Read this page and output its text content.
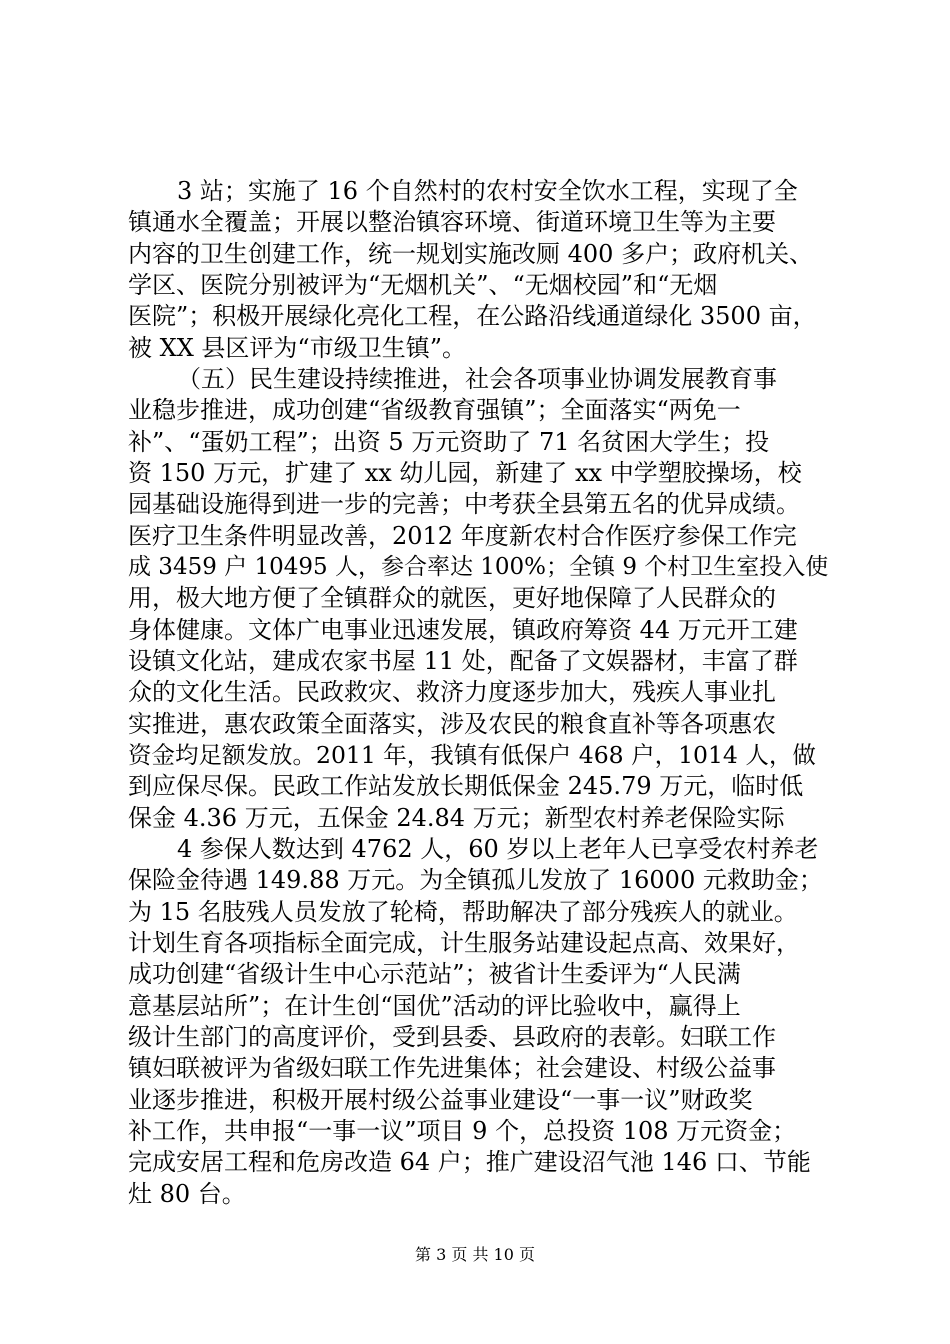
3 站；实施了 16 个自然村的农村安全饮水工程，实现了全
镇通水全覆盖；开展以整治镇容环境、街道环境卫生等为主要
内容的卫生创建工作，统一规划实施改厕 400 多户；政府机关、
学区、医院分别被评为“无烟机关”、“无烟校园”和“无烟
医院”；积极开展绿化亮化工程，在公路沿线通道绿化 3500 亩，
被 XX 县区评为“市级卫生镇”。
（五）民生建设持续推进，社会各项事业协调发展教育事
业稳步推进，成功创建“省级教育强镇”；全面落实“两免一
补”、“蛋奶工程”；出资 5 万元资助了 71 名贫困大学生；投
资 150 万元，扩建了 xx 幼儿园，新建了 xx 中学塑胶操场，校
园基础设施得到进一步的完善；中考获全县第五名的优异成绩。
医疗卫生条件明显改善，2012 年度新农村合作医疗参保工作完
成 3459 户 10495 人，参合率达 100%；全镇 9 个村卫生室投入使
用，极大地方便了全镇群众的就医，更好地保障了人民群众的
身体健康。文体广电事业迅速发展，镇政府筹资 44 万元开工建
设镇文化站，建成农家书屋 11 处，配备了文娱器材，丰富了群
众的文化生活。民政救灾、救济力度逐步加大，残疾人事业扎
实推进，惠农政策全面落实，涉及农民的粮食直补等各项惠农
资金均足额发放。2011 年，我镇有低保户 468 户，1014 人，做
到应保尽保。民政工作站发放长期低保金 245.79 万元，临时低
保金 4.36 万元，五保金 24.84 万元；新型农村养老保险实际
4 参保人数达到 4762 人，60 岁以上老年人已享受农村养老
保险金待遇 149.88 万元。为全镇孤儿发放了 16000 元救助金；
为 15 名肢残人员发放了轮椅，帮助解决了部分残疾人的就业。
计划生育各项指标全面完成，计生服务站建设起点高、效果好，
成功创建“省级计生中心示范站”；被省计生委评为“人民满
意基层站所”；在计生创“国优”活动的评比验收中，赢得上
级计生部门的高度评价，受到县委、县政府的表彰。妇联工作
镇妇联被评为省级妇联工作先进集体；社会建设、村级公益事
业逐步推进，积极开展村级公益事业建设“一事一议”财政奖
补工作，共申报“一事一议”项目 9 个，总投资 108 万元资金；
完成安居工程和危房改造 64 户；推广建设沼气池 146 口、节能
灶 80 台。
第 3 页 共 10 页
